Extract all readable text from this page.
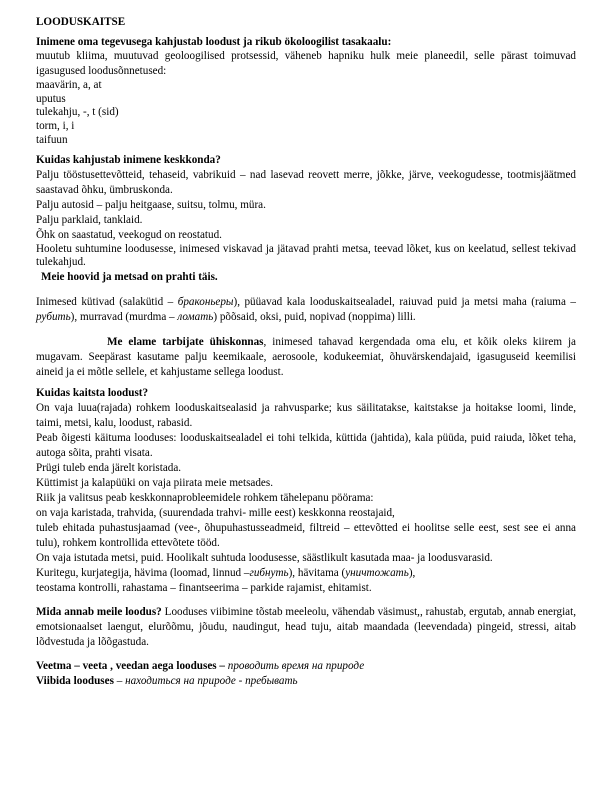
LOODUSKAITSE

Inimene oma tegevusega kahjustab loodust ja rikub ökoloogilist tasakaalu:

muutub kliima, muutuvad geoloogilised protsessid, väheneb hapniku hulk meie planeedil, selle pärast toimuvad igasugused loodusõnnetused:

maavärin, a, at

uputus

tulekahju, -, t (sid)

torm, i, i

taifuun

Kuidas kahjustab inimene keskkonda?

Palju tööstusettevõtteid, tehaseid, vabrikuid – nad lasevad reovett merre, jõkke, järve, veekogudesse, tootmisjäätmed saastavad õhku, ümbruskonda.

Palju autosid – palju heitgaase, suitsu, tolmu, müra.

Palju parklaid, tanklaid.

Õhk on saastatud, veekogud on reostatud.

Hooletu suhtumine loodusesse, inimesed viskavad ja jätavad prahti metsa, teevad lõket, kus on keelatud, sellest tekivad tulekahjud.

Meie hoovid ja metsad on prahti täis.

Inimesed kütivad (salakütid – браконьеры), püüavad kala looduskaitsealadel, raiuvad puid ja metsi maha (raiuma – рубить), murravad (murdma – ломать) põõsaid, oksi, puid, nopivad (noppima) lilli.

Me elame tarbijate ühiskonnas, inimesed tahavad kergendada oma elu, et kõik oleks kiirem ja mugavam. Seepärast kasutame palju keemikaale, aerosoole, kodukeemiat, õhuvärskendajaid, igasuguseid keemilisi aineid ja ei mõtle sellele, et kahjustame sellega loodust.

Kuidas kaitsta loodust?

On vaja luua(rajada) rohkem looduskaitsealasid ja rahvusparke; kus säilitatakse, kaitstakse ja hoitakse loomi, linde, taimi, metsi, kalu, loodust, rabasid.

Peab õigesti käituma looduses: looduskaitsealadel ei tohi telkida, küttida (jahtida), kala püüda, puid raiuda, lõket teha, autoga sõita, prahti visata.

Prügi tuleb enda järelt koristada.

Küttimist ja kalapüüki on vaja piirata meie metsades.

Riik ja valitsus peab keskkonnaprobleemidele rohkem tähelepanu pöörama:

on vaja karistada, trahvida, (suurendada trahvi- mille eest) keskkonna reostajaid,

tuleb ehitada puhastusjaamad (vee-, õhupuhastusseadmeid, filtreid – ettevõtted ei hoolitse selle eest, sest see ei anna tulu), rohkem kontrollida ettevõtete tööd.

On vaja istutada metsi, puid. Hoolikalt suhtuda loodusesse, säästlikult kasutada maa- ja loodusvarasid.

Kuritegu, kurjategija, hävima (loomad, linnud –гибнуть), hävitama (уничтожать),

teostama kontrolli, rahastama – finantseerima – parkide rajamist, ehitamist.

Mida annab meile loodus? Looduses viibimine tõstab meeleolu, vähendab väsimust,, rahustab, ergutab, annab energiat, emotsionaalset laengut, elurõõmu, jõudu, naudingut, head tuju, aitab maandada (leevendada) pingeid, stressi, aitab lõdvestuda ja lõõgastuda.

Veetma – veeta , veedan aega looduses – проводить время на природе

Viibida looduses – находиться на природе - пребывать
